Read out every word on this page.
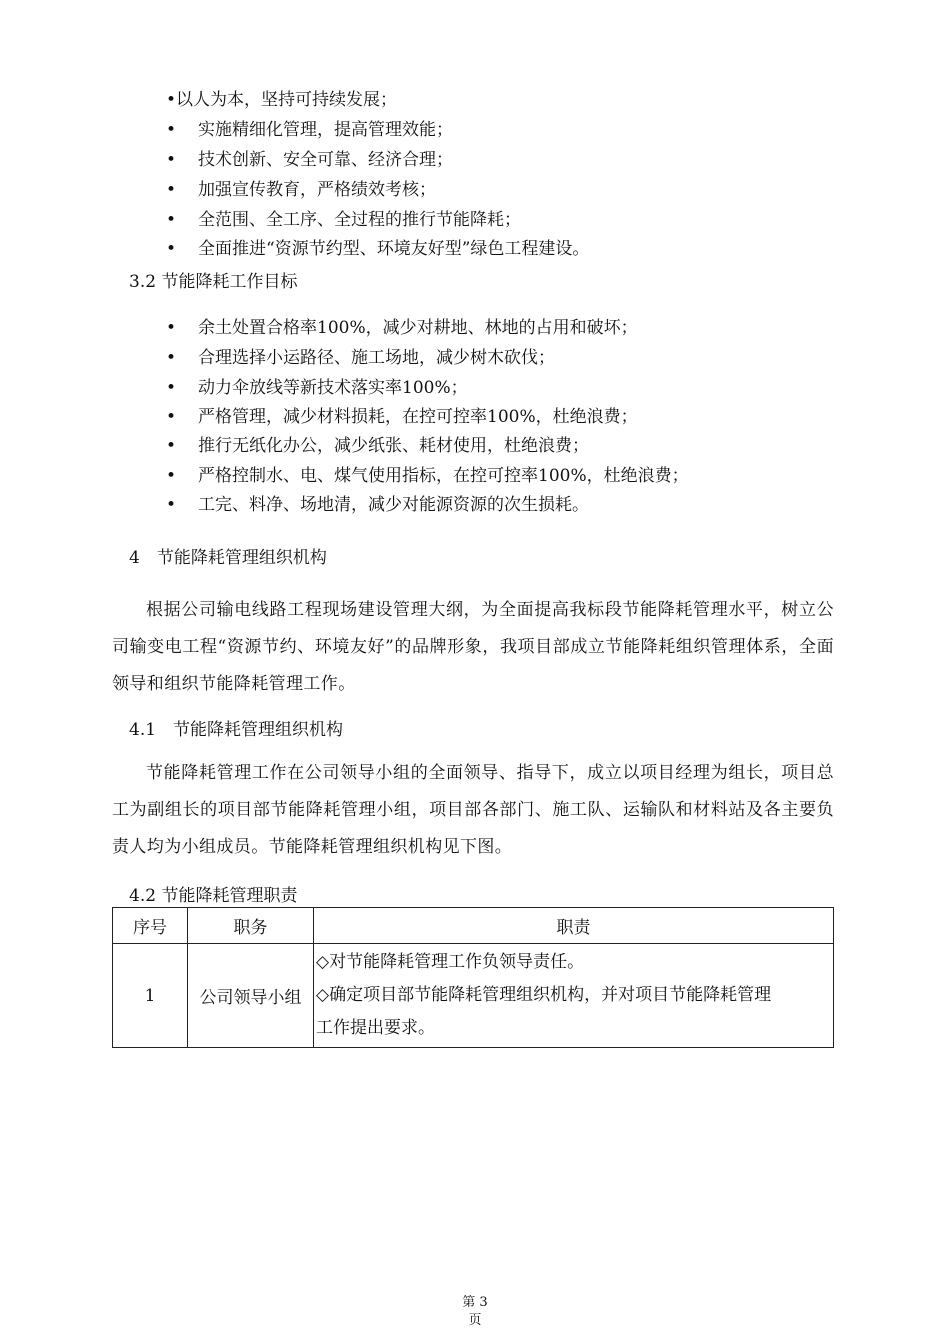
•以人为本，坚持可持续发展；
• 实施精细化管理，提高管理效能；
• 技术创新、安全可靠、经济合理；
• 加强宣传教育，严格绩效考核；
• 全范围、全工序、全过程的推行节能降耗；
• 全面推进“资源节约型、环境友好型”绿色工程建设。
3.2 节能降耗工作目标
• 余土处置合格率100%，减少对耕地、林地的占用和破坏；
• 合理选择小运路径、施工场地，减少树木砍伐；
• 动力伞放线等新技术落实率100%；
• 严格管理，减少材料损耗，在控可控率100%，杜绝浪费；
• 推行无纸化办公，减少纸张、耗材使用，杜绝浪费；
• 严格控制水、电、煤气使用指标，在控可控率100%，杜绝浪费；
• 工完、料净、场地清，减少对能源资源的次生损耗。
4　节能降耗管理组织机构
根据公司输电线路工程现场建设管理大纲，为全面提高我标段节能降耗管理水平，树立公司输变电工程“资源节约、环境友好”的品牌形象，我项目部成立节能降耗组织管理体系，全面领导和组织节能降耗管理工作。
4.1　节能降耗管理组织机构
节能降耗管理工作在公司领导小组的全面领导、指导下，成立以项目经理为组长，项目总工为副组长的项目部节能降耗管理小组，项目部各部门、施工队、运输队和材料站及各主要负责人均为小组成员。节能降耗管理组织机构见下图。
4.2 节能降耗管理职责
序号	职务	职责
1	公司领导小组	◇对节能降耗管理工作负领导责任。
◇确定项目部节能降耗管理组织机构，并对项目节能降耗管理
工作提出要求。
第 3
页
